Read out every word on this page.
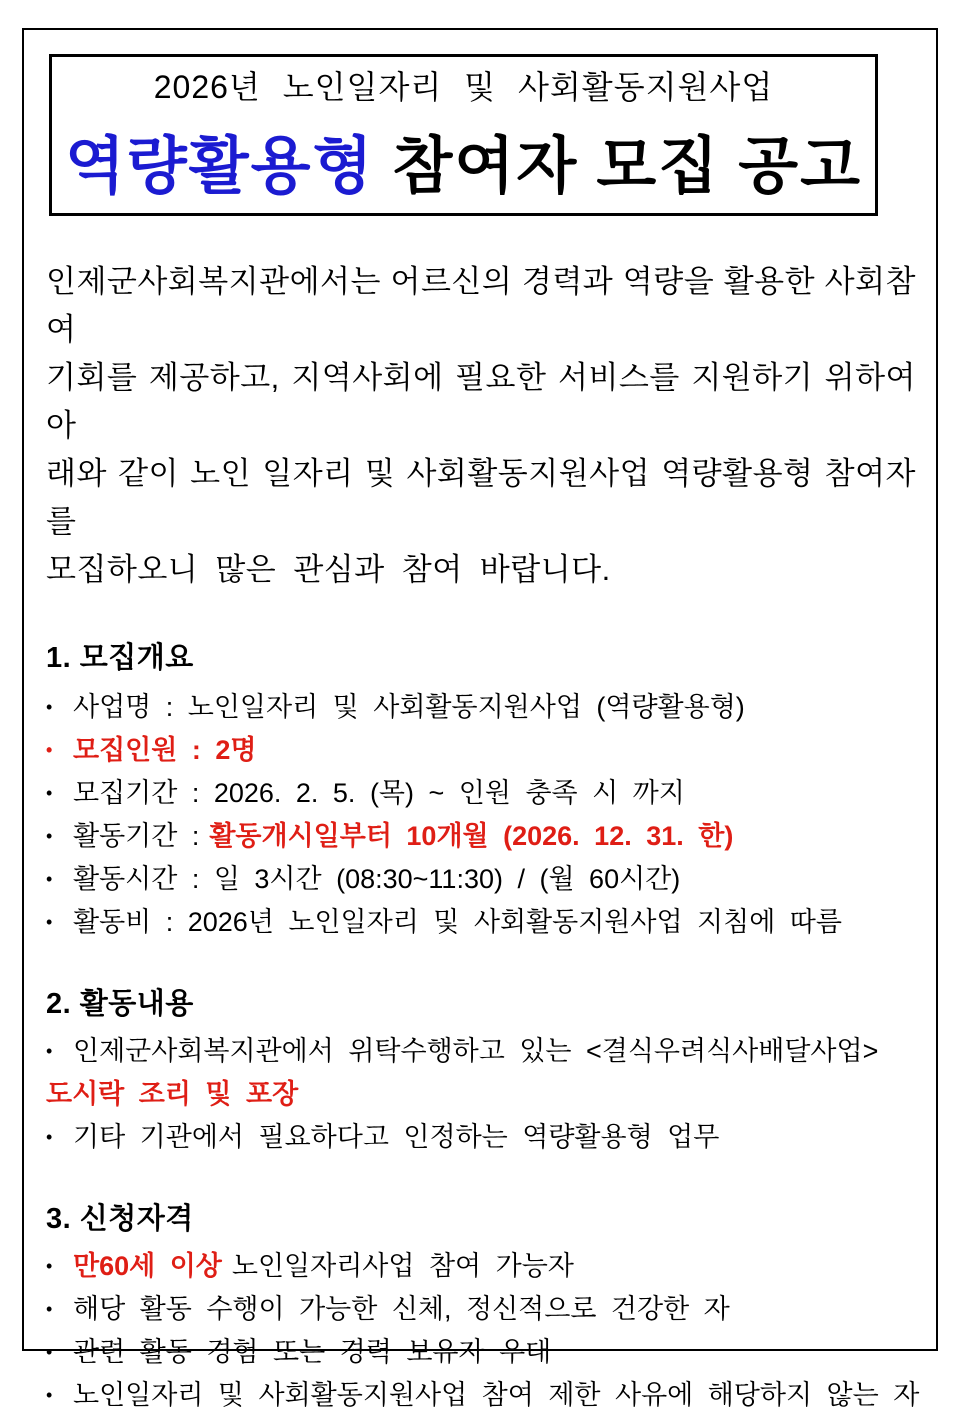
2026년 노인일자리 및 사회활동지원사업
역량활용형 참여자 모집 공고
인제군사회복지관에서는 어르신의 경력과 역량을 활용한 사회참여
기회를 제공하고, 지역사회에 필요한 서비스를 지원하기 위하여 아
래와 같이 노인 일자리 및 사회활동지원사업 역량활용형 참여자를
모집하오니 많은 관심과 참여 바랍니다.
1. 모집개요
• 사업명 : 노인일자리 및 사회활동지원사업 (역량활용형)
• 모집인원 : 2명
• 모집기간 : 2026. 2. 5. (목) ~ 인원 충족 시 까지
• 활동기간 : 활동개시일부터 10개월 (2026. 12. 31. 한)
• 활동시간 : 일 3시간 (08:30~11:30) / (월 60시간)
• 활동비 : 2026년 노인일자리 및 사회활동지원사업 지침에 따름
2. 활동내용
• 인제군사회복지관에서 위탁수행하고 있는 <결식우려식사배달사업>
도시락 조리 및 포장
• 기타 기관에서 필요하다고 인정하는 역량활용형 업무
3. 신청자격
• 만60세 이상 노인일자리사업 참여 가능자
• 해당 활동 수행이 가능한 신체, 정신적으로 건강한 자
• 관련 활동 경험 또는 경력 보유자 우대
• 노인일자리 및 사회활동지원사업 참여 제한 사유에 해당하지 않는 자
